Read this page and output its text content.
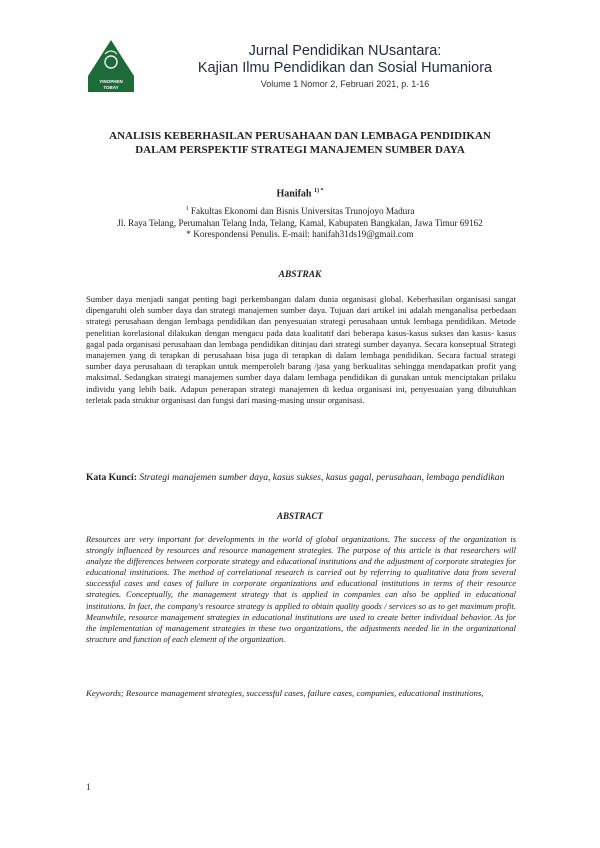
YINOPHEN
TOBAY
Jurnal Pendidikan NUsantara:
Kajian Ilmu Pendidikan dan Sosial Humaniora
Volume 1 Nomor 2, Februari 2021, p. 1-16
ANALISIS KEBERHASILAN PERUSAHAAN DAN LEMBAGA PENDIDIKAN DALAM PERSPEKTIF STRATEGI MANAJEMEN SUMBER DAYA
Hanifah $^{1) *}$
$^1$ Fakultas Ekonomi dan Bisnis Universitas Trunojoyo Madura
Jl. Raya Telang, Perumahan Telang Inda, Telang, Kamal, Kabupaten Bangkalan, Jawa Timur 69162
* Korespondensi Penulis. E-mail: hanifah31ds19@gmail.com
ABSTRAK
Sumber daya menjadi sangat penting bagi perkembangan dalam dunia organisasi global. Keberhasilan organisasi sangat dipengaruhi oleh sumber daya dan strategi manajemen sumber daya. Tujuan dari artikel ini adalah menganalisa perbedaan strategi perusahaan dengan lembaga pendidikan dan penyesuaian strategi perusahaan untuk lembaga pendidikan. Metode penelitian korelasional dilakukan dengan mengacu pada data kualitatif dari beberapa kasus-kasus sukses dan kasus- kasus gagal pada organisasi perusahaan dan lembaga pendidikan ditinjau dari strategi sumber dayanya. Secara konseptual Strategi manajemen yang di terapkan di perusahaan bisa juga di terapkan di dalam lembaga pendidikan. Secara factual strategi sumber daya perusahaan di terapkan untuk memperoleh barang /jasa yang berkualitas sehingga mendapatkan profit yang maksimal. Sedangkan strategi manajemen sumber daya dalam lembaga pendidikan di gunakan untuk menciptakan prilaku individu yang lebih baik. Adapun penerapan strategi manajemen di kedua organisasi ini, penyesuaian yang dibutuhkan terletak pada struktur organisasi dan fungsi dari masing-masing unsur organisasi.
Kata Kunci: Strategi manajemen sumber daya, kasus sukses, kasus gagal, perusahaan, lembaga pendidikan
ABSTRACT
Resources are very important for developments in the world of global organizations. The success of the organization is strongly influenced by resources and resource management strategies. The purpose of this article is that researchers will analyze the differences between corporate strategy and educational institutions and the adjustment of corporate strategies for educational institutions. The method of correlational research is carried out by referring to qualitative data from several successful cases and cases of failure in corporate organizations and educational institutions in terms of their resource strategies. Conceptually, the management strategy that is applied in companies can also be applied in educational institutions. In fact, the company's resource strategy is applied to obtain quality goods / services so as to get maximum profit. Meanwhile, resource management strategies in educational institutions are used to create better individual behavior. As for the implementation of management strategies in these two organizations, the adjustments needed lie in the organizational structure and function of each element of the organization.
Keywords; Resource management strategies, successful cases, failure cases, companies, educational institutions,
1
